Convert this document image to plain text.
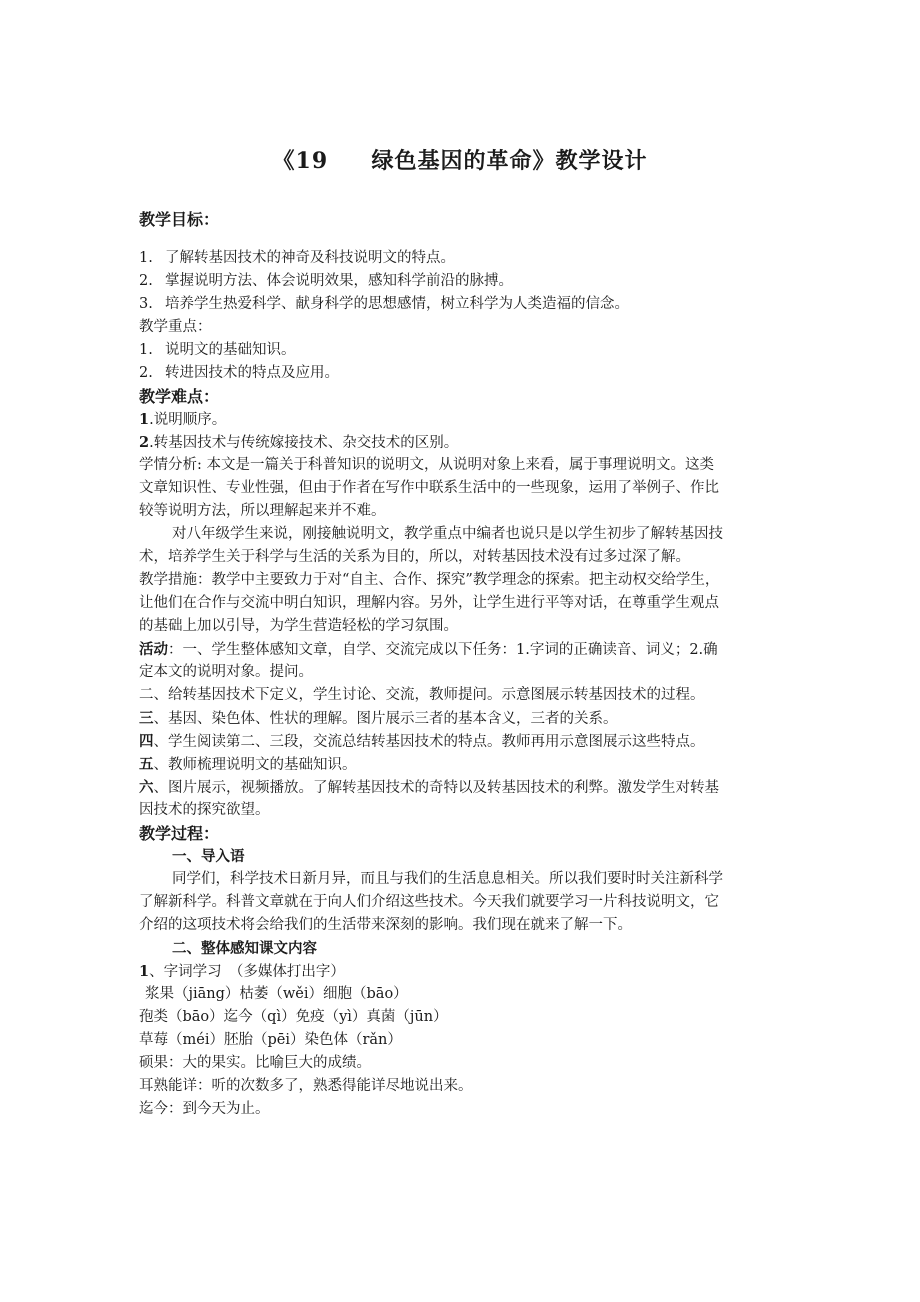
《19     绿色基因的革命》教学设计
教学目标：
1. 了解转基因技术的神奇及科技说明文的特点。
2. 掌握说明方法、体会说明效果，感知科学前沿的脉搏。
3. 培养学生热爱科学、献身科学的思想感情，树立科学为人类造福的信念。
教学重点：
1. 说明文的基础知识。
2. 转进因技术的特点及应用。
教学难点：
1.说明顺序。
2.转基因技术与传统嫁接技术、杂交技术的区别。
学情分析: 本文是一篇关于科普知识的说明文，从说明对象上来看，属于事理说明文。这类
文章知识性、专业性强，但由于作者在写作中联系生活中的一些现象，运用了举例子、作比
较等说明方法，所以理解起来并不难。
对八年级学生来说，刚接触说明文，教学重点中编者也说只是以学生初步了解转基因技
术，培养学生关于科学与生活的关系为目的，所以，对转基因技术没有过多过深了解。
教学措施：教学中主要致力于对“自主、合作、探究”教学理念的探索。把主动权交给学生，
让他们在合作与交流中明白知识，理解内容。另外，让学生进行平等对话，在尊重学生观点
的基础上加以引导，为学生营造轻松的学习氛围。
活动：一、学生整体感知文章，自学、交流完成以下任务：1.字词的正确读音、词义；2.确
定本文的说明对象。提问。
二、给转基因技术下定义，学生讨论、交流，教师提问。示意图展示转基因技术的过程。
三、基因、染色体、性状的理解。图片展示三者的基本含义，三者的关系。
四、学生阅读第二、三段，交流总结转基因技术的特点。教师再用示意图展示这些特点。
五、教师梳理说明文的基础知识。
六、图片展示，视频播放。了解转基因技术的奇特以及转基因技术的利弊。激发学生对转基
因技术的探究欲望。
教学过程：
一、导入语
同学们，科学技术日新月异，而且与我们的生活息息相关。所以我们要时时关注新科学
了解新科学。科普文章就在于向人们介绍这些技术。今天我们就要学习一片科技说明文，它
介绍的这项技术将会给我们的生活带来深刻的影响。我们现在就来了解一下。
二、整体感知课文内容
1、字词学习　（多媒体打出字）
浆果（jiāng）枯萎（wěi）细胞（bāo）
孢类（bāo）迄今（qì）免疫（yì）真菌（jūn）
草莓（méi）胚胎（pēi）染色体（rǎn）
硕果：大的果实。比喻巨大的成绩。
耳熟能详：听的次数多了，熟悉得能详尽地说出来。
迄今：到今天为止。
